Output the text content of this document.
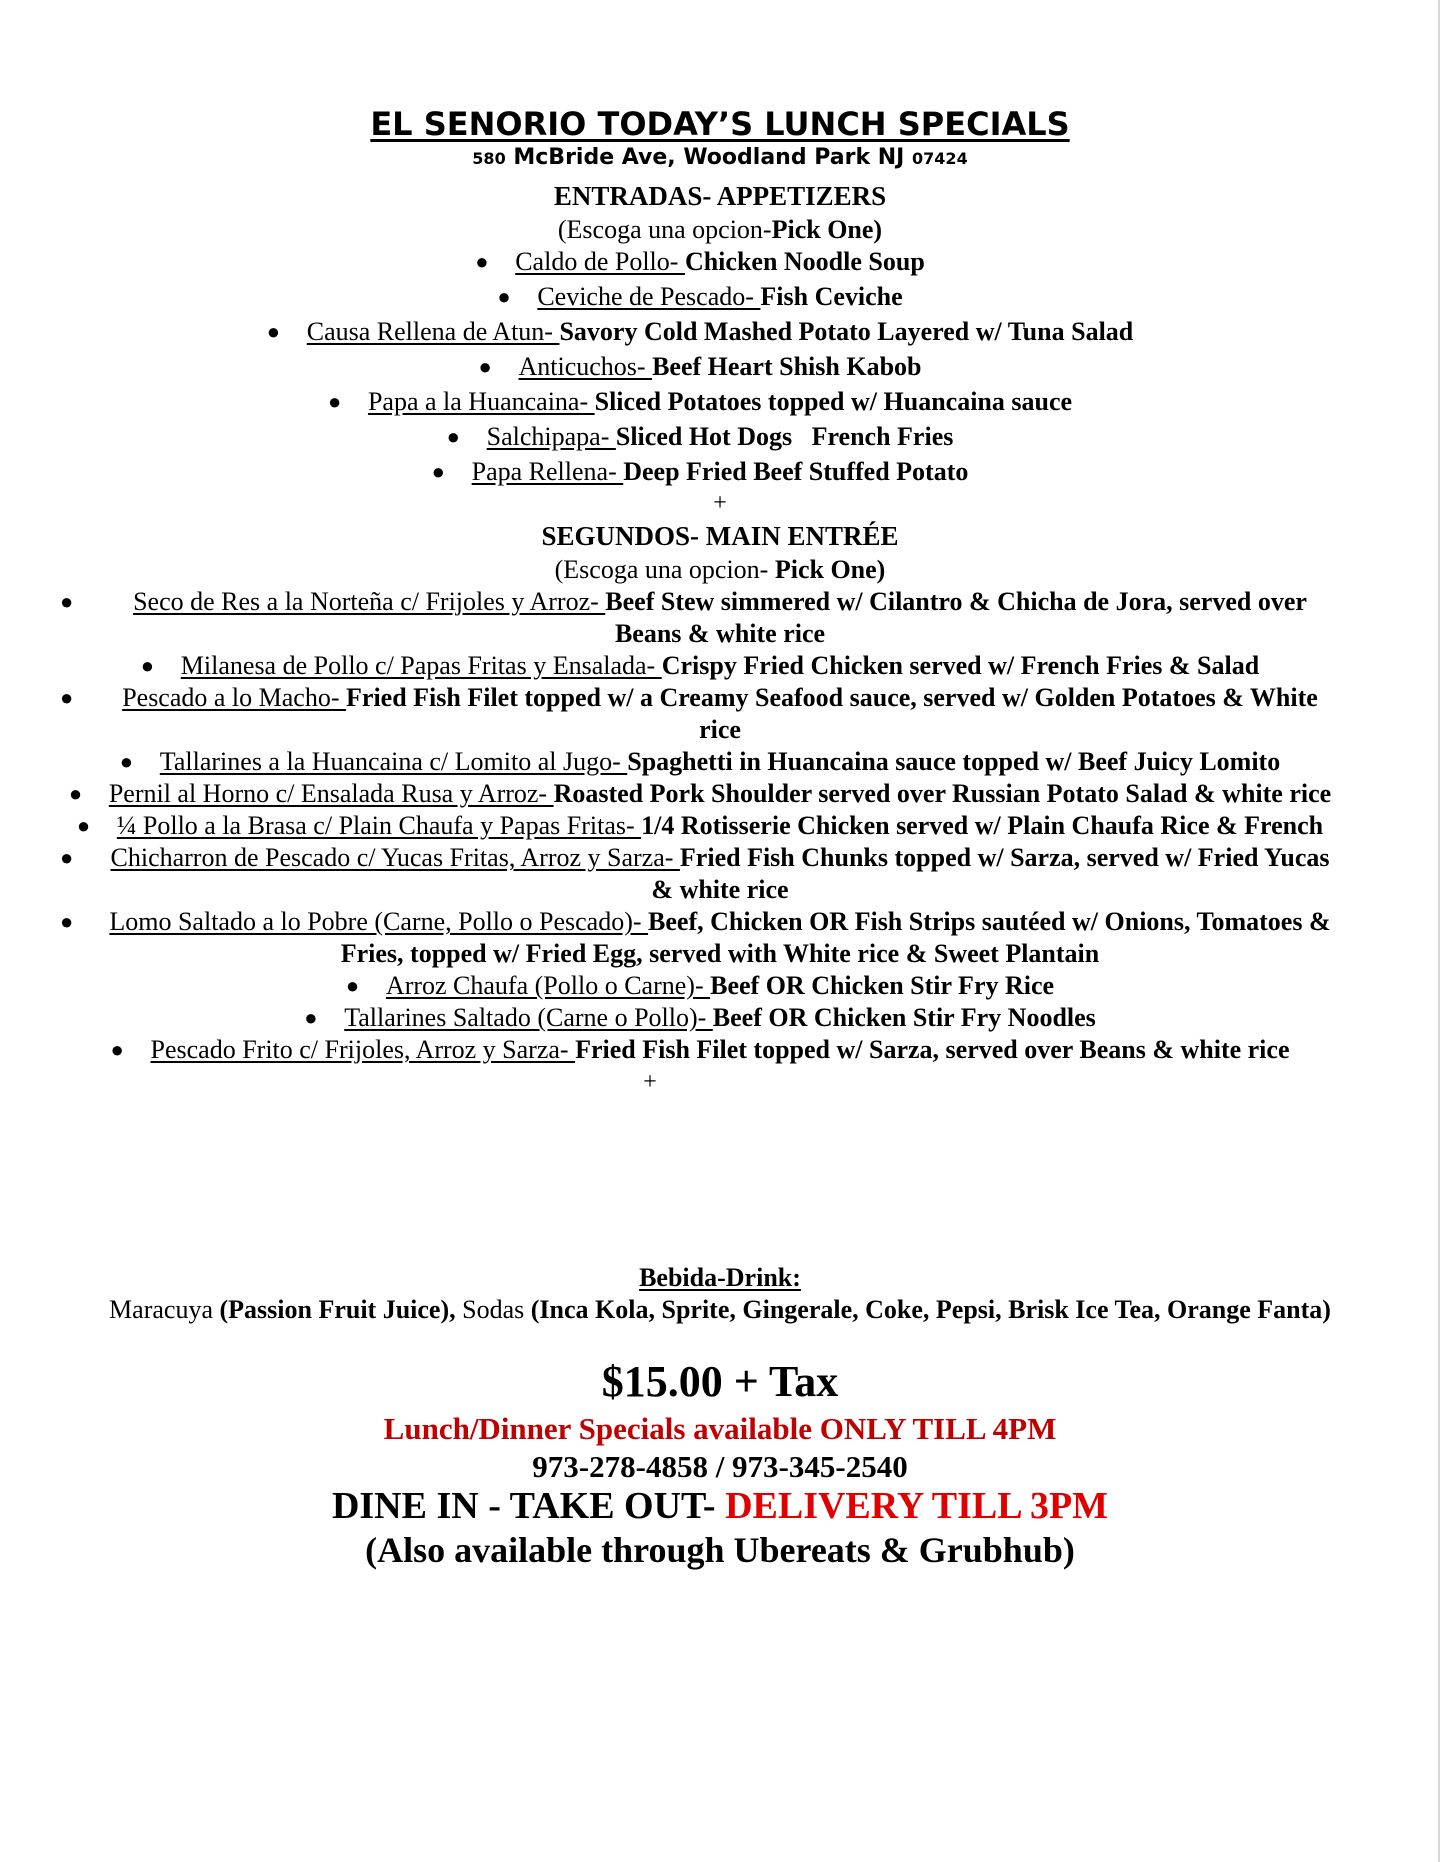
EL SENORIO TODAY’S LUNCH SPECIALS
580 McBride Ave, Woodland Park NJ 07424
ENTRADAS- APPETIZERS
(Escoga una opcion-Pick One)
● Caldo de Pollo- Chicken Noodle Soup
● Ceviche de Pescado- Fish Ceviche
● Causa Rellena de Atun- Savory Cold Mashed Potato Layered w/ Tuna Salad
● Anticuchos- Beef Heart Shish Kabob
● Papa a la Huancaina- Sliced Potatoes topped w/ Huancaina sauce
● Salchipapa- Sliced Hot Dogs   French Fries
● Papa Rellena- Deep Fried Beef Stuffed Potato
+
SEGUNDOS- MAIN ENTRÉE
(Escoga una opcion- Pick One)
● Seco de Res a la Norteña c/ Frijoles y Arroz- Beef Stew simmered w/ Cilantro & Chicha de Jora, served over Beans & white rice
● Milanesa de Pollo c/ Papas Fritas y Ensalada- Crispy Fried Chicken served w/ French Fries & Salad
● Pescado a lo Macho- Fried Fish Filet topped w/ a Creamy Seafood sauce, served w/ Golden Potatoes & White rice
● Tallarines a la Huancaina c/ Lomito al Jugo- Spaghetti in Huancaina sauce topped w/ Beef Juicy Lomito
● Pernil al Horno c/ Ensalada Rusa y Arroz- Roasted Pork Shoulder served over Russian Potato Salad & white rice
● ¼ Pollo a la Brasa c/ Plain Chaufa y Papas Fritas- 1/4 Rotisserie Chicken served w/ Plain Chaufa Rice & French
● Chicharron de Pescado c/ Yucas Fritas, Arroz y Sarza- Fried Fish Chunks topped w/ Sarza, served w/ Fried Yucas & white rice
● Lomo Saltado a lo Pobre (Carne, Pollo o Pescado)- Beef, Chicken OR Fish Strips sautéed w/ Onions, Tomatoes & Fries, topped w/ Fried Egg, served with White rice & Sweet Plantain
● Arroz Chaufa (Pollo o Carne)- Beef OR Chicken Stir Fry Rice
● Tallarines Saltado (Carne o Pollo)- Beef OR Chicken Stir Fry Noodles
● Pescado Frito c/ Frijoles, Arroz y Sarza- Fried Fish Filet topped w/ Sarza, served over Beans & white rice
+
Bebida-Drink:
Maracuya (Passion Fruit Juice), Sodas (Inca Kola, Sprite, Gingerale, Coke, Pepsi, Brisk Ice Tea, Orange Fanta)
$15.00 + Tax
Lunch/Dinner Specials available ONLY TILL 4PM
973-278-4858 / 973-345-2540
DINE IN - TAKE OUT- DELIVERY TILL 3PM
(Also available through Ubereats & Grubhub)
